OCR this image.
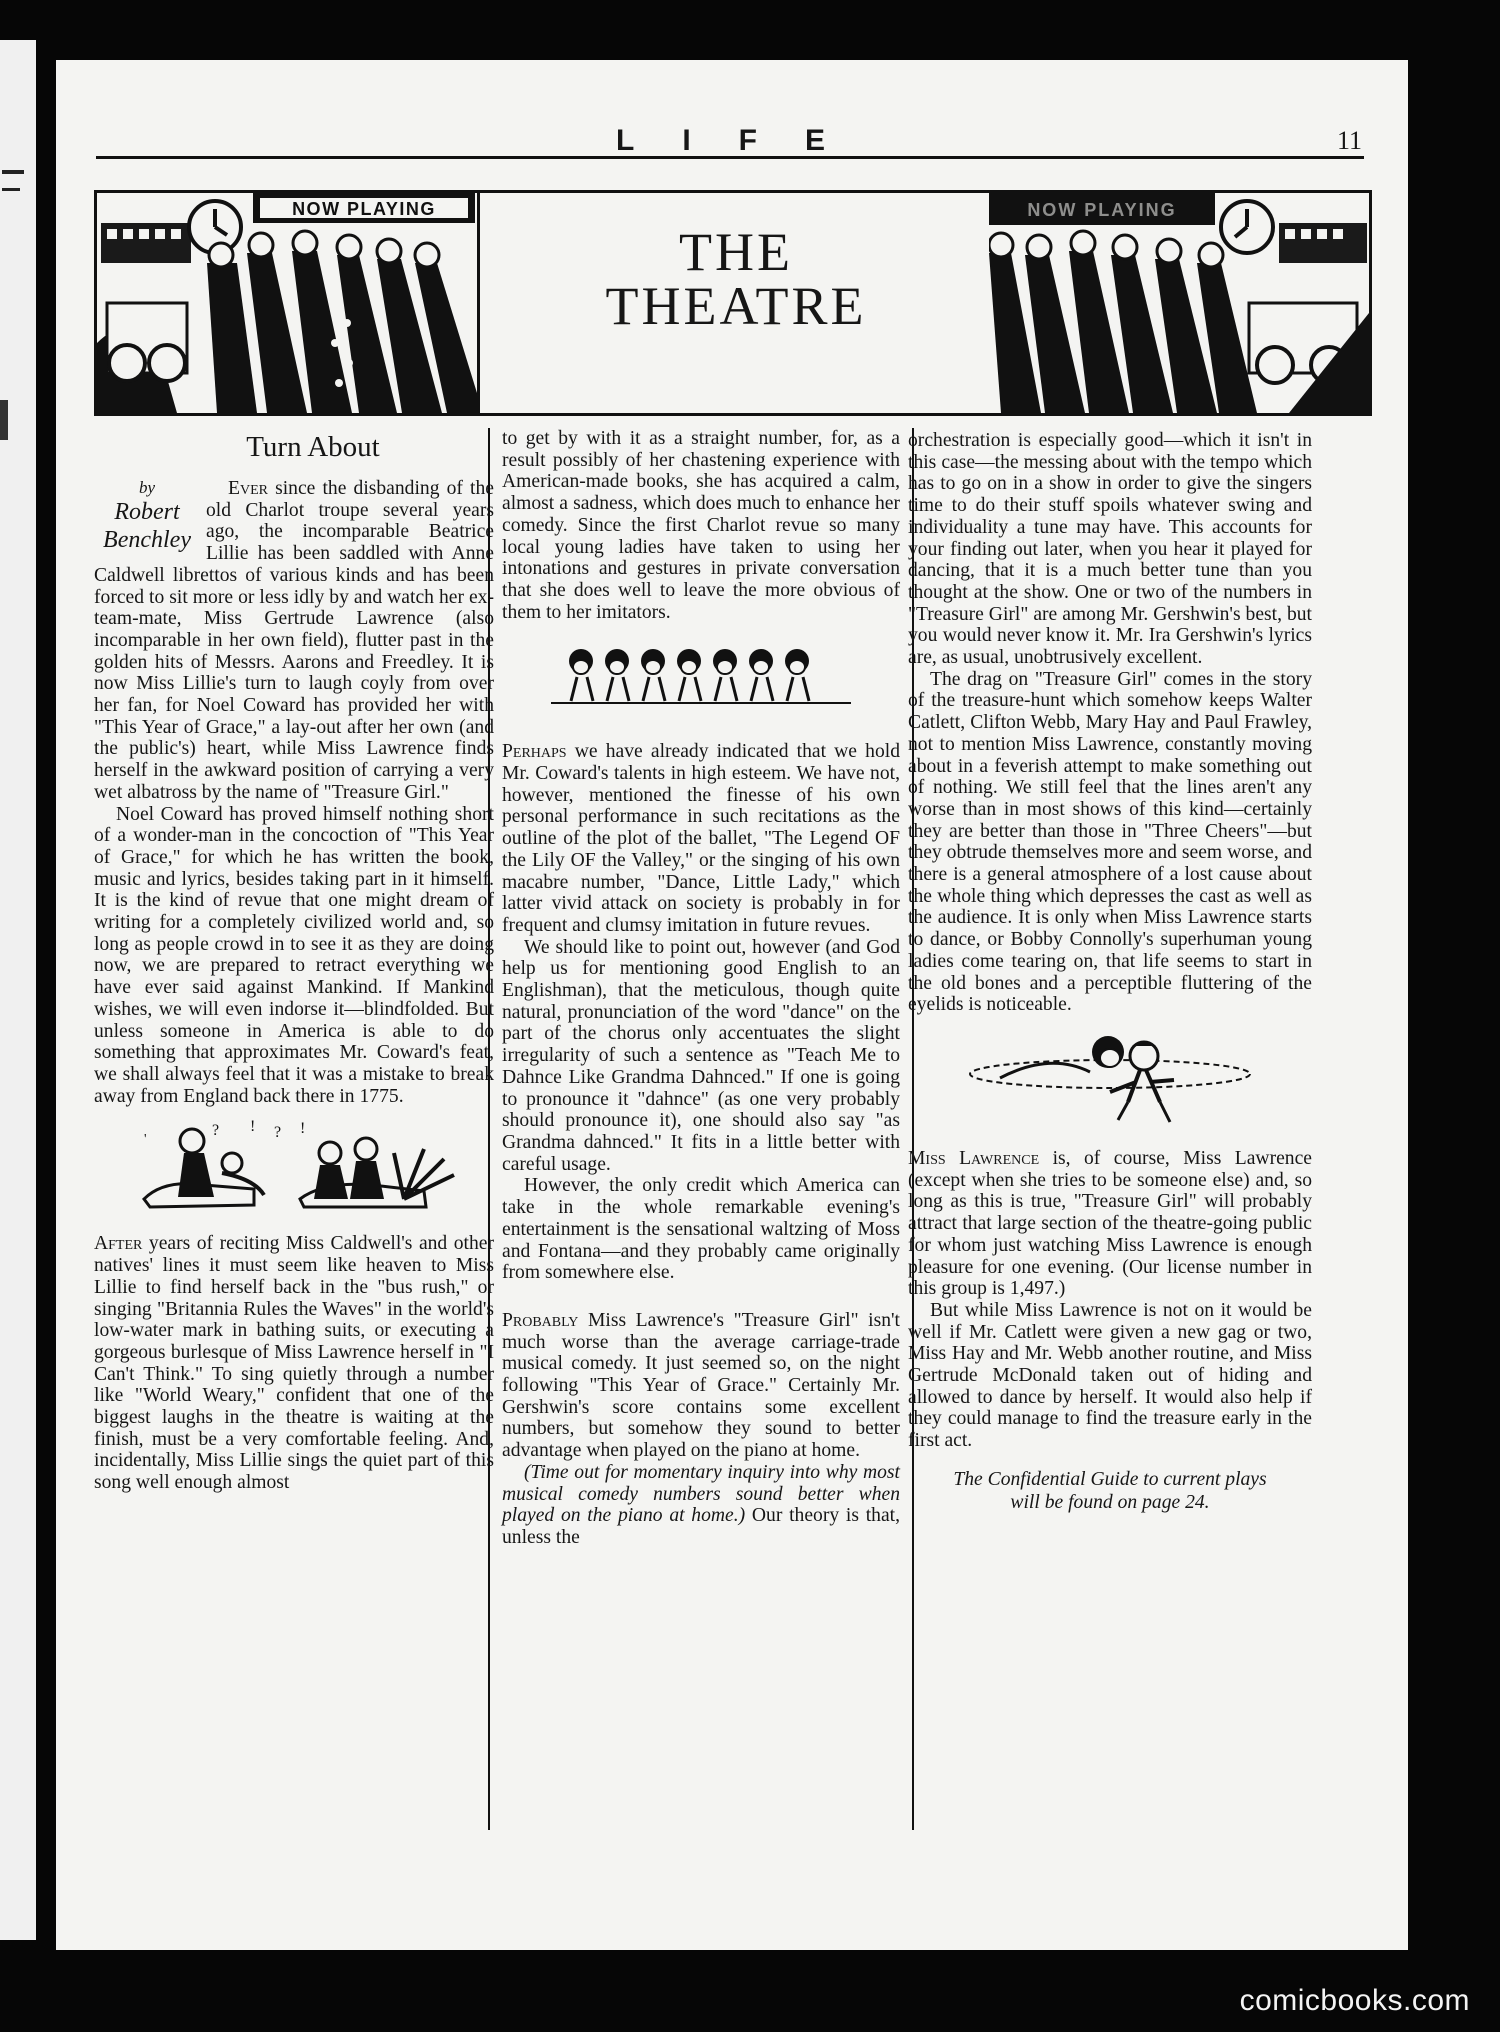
LIFE	11
NOW PLAYING
THE
THEATRE
NOW PLAYING
Turn About
by
Robert
Benchley

Ever since the disbanding of the old Charlot troupe several years ago, the incomparable Beatrice Lillie has been saddled with Anne Caldwell librettos of various kinds and has been forced to sit more or less idly by and watch her ex-team-mate, Miss Gertrude Lawrence (also incomparable in her own field), flutter past in the golden hits of Messrs. Aarons and Freedley. It is now Miss Lillie's turn to laugh coyly from over her fan, for Noel Coward has provided her with "This Year of Grace," a lay-out after her own (and the public's) heart, while Miss Lawrence finds herself in the awkward position of carrying a very wet albatross by the name of "Treasure Girl."

Noel Coward has proved himself nothing short of a wonder-man in the concoction of "This Year of Grace," for which he has written the book, music and lyrics, besides taking part in it himself. It is the kind of revue that one might dream of writing for a completely civilized world and, so long as people crowd in to see it as they are doing now, we are prepared to retract everything we have ever said against Mankind. If Mankind wishes, we will even indorse it—blindfolded. But unless someone in America is able to do something that approximates Mr. Coward's feat, we shall always feel that it was a mistake to break away from England back there in 1775.

? ! ? !
'

After years of reciting Miss Caldwell's and other natives' lines it must seem like heaven to Miss Lillie to find herself back in the "bus rush," or singing "Britannia Rules the Waves" in the world's low-water mark in bathing suits, or executing a gorgeous burlesque of Miss Lawrence herself in "I Can't Think." To sing quietly through a number like "World Weary," confident that one of the biggest laughs in the theatre is waiting at the finish, must be a very comfortable feeling. And, incidentally, Miss Lillie sings the quiet part of this song well enough almost

to get by with it as a straight number, for, as a result possibly of her chastening experience with American-made books, she has acquired a calm, almost a sadness, which does much to enhance her comedy. Since the first Charlot revue so many local young ladies have taken to using her intonations and gestures in private conversation that she does well to leave the more obvious of them to her imitators.

Perhaps we have already indicated that we hold Mr. Coward's talents in high esteem. We have not, however, mentioned the finesse of his own personal performance in such recitations as the outline of the plot of the ballet, "The Legend OF the Lily OF the Valley," or the singing of his own macabre number, "Dance, Little Lady," which latter vivid attack on society is probably in for frequent and clumsy imitation in future revues.

We should like to point out, however (and God help us for mentioning good English to an Englishman), that the meticulous, though quite natural, pronunciation of the word "dance" on the part of the chorus only accentuates the slight irregularity of such a sentence as "Teach Me to Dahnce Like Grandma Dahnced." If one is going to pronounce it "dahnce" (as one very probably should pronounce it), one should also say "as Grandma dahnced." It fits in a little better with careful usage.

However, the only credit which America can take in the whole remarkable evening's entertainment is the sensational waltzing of Moss and Fontana—and they probably came originally from somewhere else.

Probably Miss Lawrence's "Treasure Girl" isn't much worse than the average carriage-trade musical comedy. It just seemed so, on the night following "This Year of Grace." Certainly Mr. Gershwin's score contains some excellent numbers, but somehow they sound to better advantage when played on the piano at home.

(Time out for momentary inquiry into why most musical comedy numbers sound better when played on the piano at home.) Our theory is that, unless the

orchestration is especially good—which it isn't in this case—the messing about with the tempo which has to go on in a show in order to give the singers time to do their stuff spoils whatever swing and individuality a tune may have. This accounts for your finding out later, when you hear it played for dancing, that it is a much better tune than you thought at the show. One or two of the numbers in "Treasure Girl" are among Mr. Gershwin's best, but you would never know it. Mr. Ira Gershwin's lyrics are, as usual, unobtrusively excellent.

The drag on "Treasure Girl" comes in the story of the treasure-hunt which somehow keeps Walter Catlett, Clifton Webb, Mary Hay and Paul Frawley, not to mention Miss Lawrence, constantly moving about in a feverish attempt to make something out of nothing. We still feel that the lines aren't any worse than in most shows of this kind—certainly they are better than those in "Three Cheers"—but they obtrude themselves more and seem worse, and there is a general atmosphere of a lost cause about the whole thing which depresses the cast as well as the audience. It is only when Miss Lawrence starts to dance, or Bobby Connolly's superhuman young ladies come tearing on, that life seems to start in the old bones and a perceptible fluttering of the eyelids is noticeable.

Miss Lawrence is, of course, Miss Lawrence (except when she tries to be someone else) and, so long as this is true, "Treasure Girl" will probably attract that large section of the theatre-going public for whom just watching Miss Lawrence is enough pleasure for one evening. (Our license number in this group is 1,497.)

But while Miss Lawrence is not on it would be well if Mr. Catlett were given a new gag or two, Miss Hay and Mr. Webb another routine, and Miss Gertrude McDonald taken out of hiding and allowed to dance by herself. It would also help if they could manage to find the treasure early in the first act.

The Confidential Guide to current plays
will be found on page 24.
comicbooks.com
